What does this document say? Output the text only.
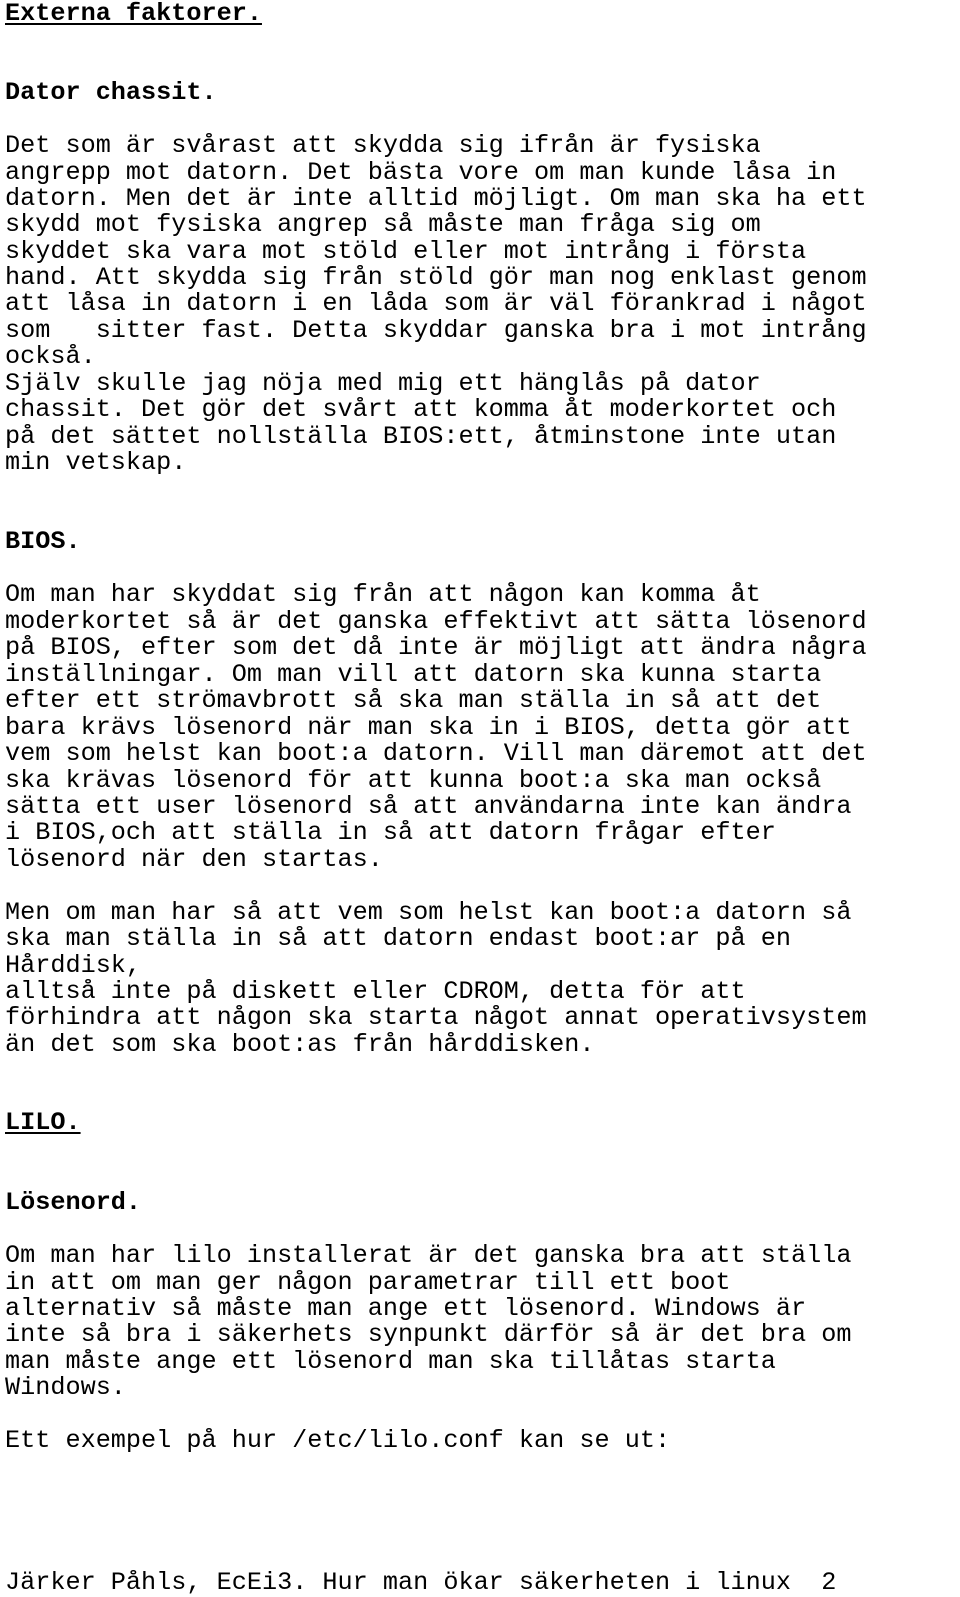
Externa faktorer.
Dator chassit.
Det som är svårast att skydda sig ifrån är fysiska
angrepp mot datorn. Det bästa vore om man kunde låsa in
datorn. Men det är inte alltid möjligt. Om man ska ha ett
skydd mot fysiska angrep så måste man fråga sig om
skyddet ska vara mot stöld eller mot intrång i första
hand. Att skydda sig från stöld gör man nog enklast genom
att låsa in datorn i en låda som är väl förankrad i något
som   sitter fast. Detta skyddar ganska bra i mot intrång
också.
Själv skulle jag nöja med mig ett hänglås på dator
chassit. Det gör det svårt att komma åt moderkortet och
på det sättet nollställa BIOS:ett, åtminstone inte utan
min vetskap.
BIOS.
Om man har skyddat sig från att någon kan komma åt
moderkortet så är det ganska effektivt att sätta lösenord
på BIOS, efter som det då inte är möjligt att ändra några
inställningar. Om man vill att datorn ska kunna starta
efter ett strömavbrott så ska man ställa in så att det
bara krävs lösenord när man ska in i BIOS, detta gör att
vem som helst kan boot:a datorn. Vill man däremot att det
ska krävas lösenord för att kunna boot:a ska man också
sätta ett user lösenord så att användarna inte kan ändra
i BIOS,och att ställa in så att datorn frågar efter
lösenord när den startas.
Men om man har så att vem som helst kan boot:a datorn så
ska man ställa in så att datorn endast boot:ar på en
Hårddisk,
alltså inte på diskett eller CDROM, detta för att
förhindra att någon ska starta något annat operativsystem
än det som ska boot:as från hårddisken.
LILO.
Lösenord.
Om man har lilo installerat är det ganska bra att ställa
in att om man ger någon parametrar till ett boot
alternativ så måste man ange ett lösenord. Windows är
inte så bra i säkerhets synpunkt därför så är det bra om
man måste ange ett lösenord man ska tillåtas starta
Windows.
Ett exempel på hur /etc/lilo.conf kan se ut:
Järker Påhls, EcEi3. Hur man ökar säkerheten i linux  2
